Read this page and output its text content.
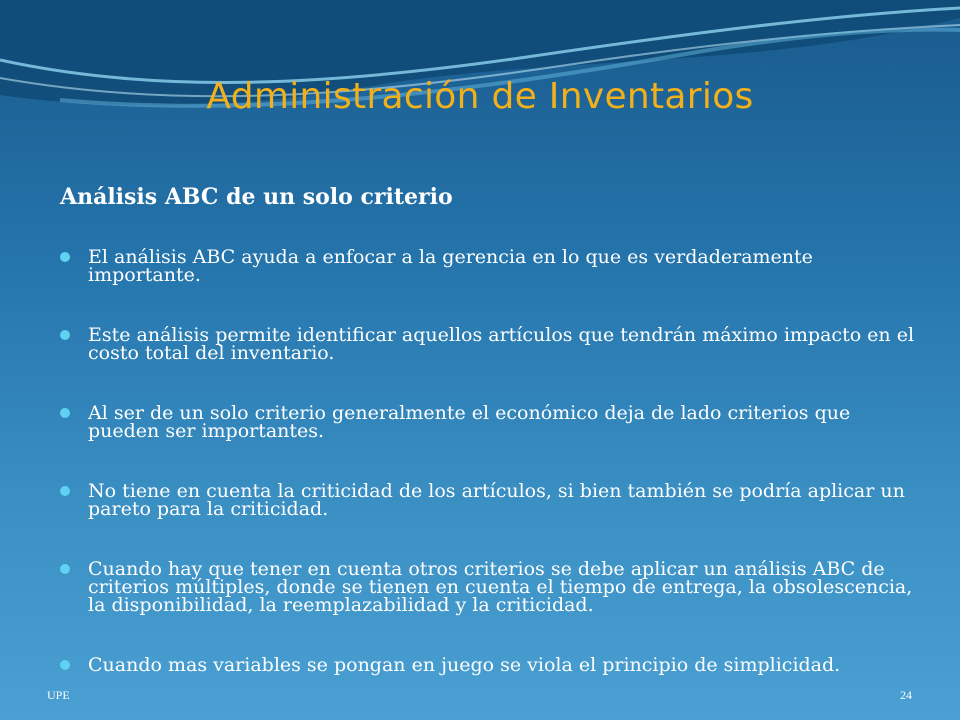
Administración de Inventarios
Análisis ABC de un solo criterio
El análisis ABC ayuda a enfocar a la gerencia en lo que es verdaderamente importante.
Este análisis permite identificar aquellos artículos que tendrán máximo impacto en el costo total del inventario.
Al ser de un solo criterio generalmente el económico deja de lado criterios que pueden ser importantes.
No tiene en cuenta la criticidad de los artículos, si bien también se podría aplicar un pareto para la criticidad.
Cuando hay que tener en cuenta otros criterios se debe aplicar un análisis ABC de criterios múltiples, donde se tienen en cuenta el tiempo de entrega, la obsolescencia, la disponibilidad, la reemplazabilidad y la criticidad.
Cuando mas variables se pongan en juego se viola el principio de simplicidad.
UPE	24
